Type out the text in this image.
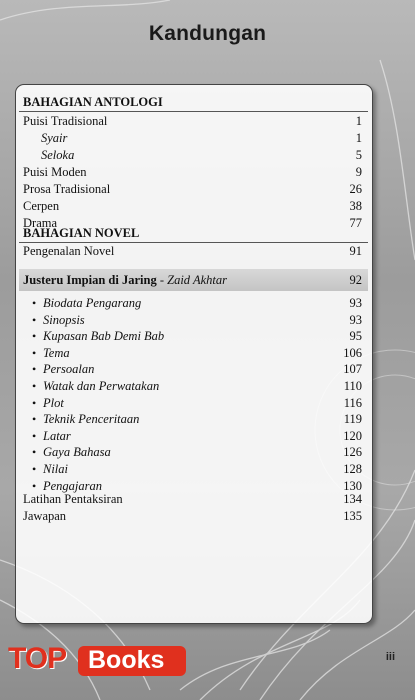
Kandungan
BAHAGIAN ANTOLOGI
Puisi Tradisional	1
Syair	1
Seloka	5
Puisi Moden	9
Prosa Tradisional	26
Cerpen	38
Drama	77
BAHAGIAN NOVEL
Pengenalan Novel	91
Justeru Impian di Jaring - Zaid Akhtar	92
• Biodata Pengarang	93
• Sinopsis	93
• Kupasan Bab Demi Bab	95
• Tema	106
• Persoalan	107
• Watak dan Perwatakan	110
• Plot	116
• Teknik Penceritaan	119
• Latar	120
• Gaya Bahasa	126
• Nilai	128
• Pengajaran	130
Latihan Pentaksiran	134
Jawapan	135
iii
TOP Books
